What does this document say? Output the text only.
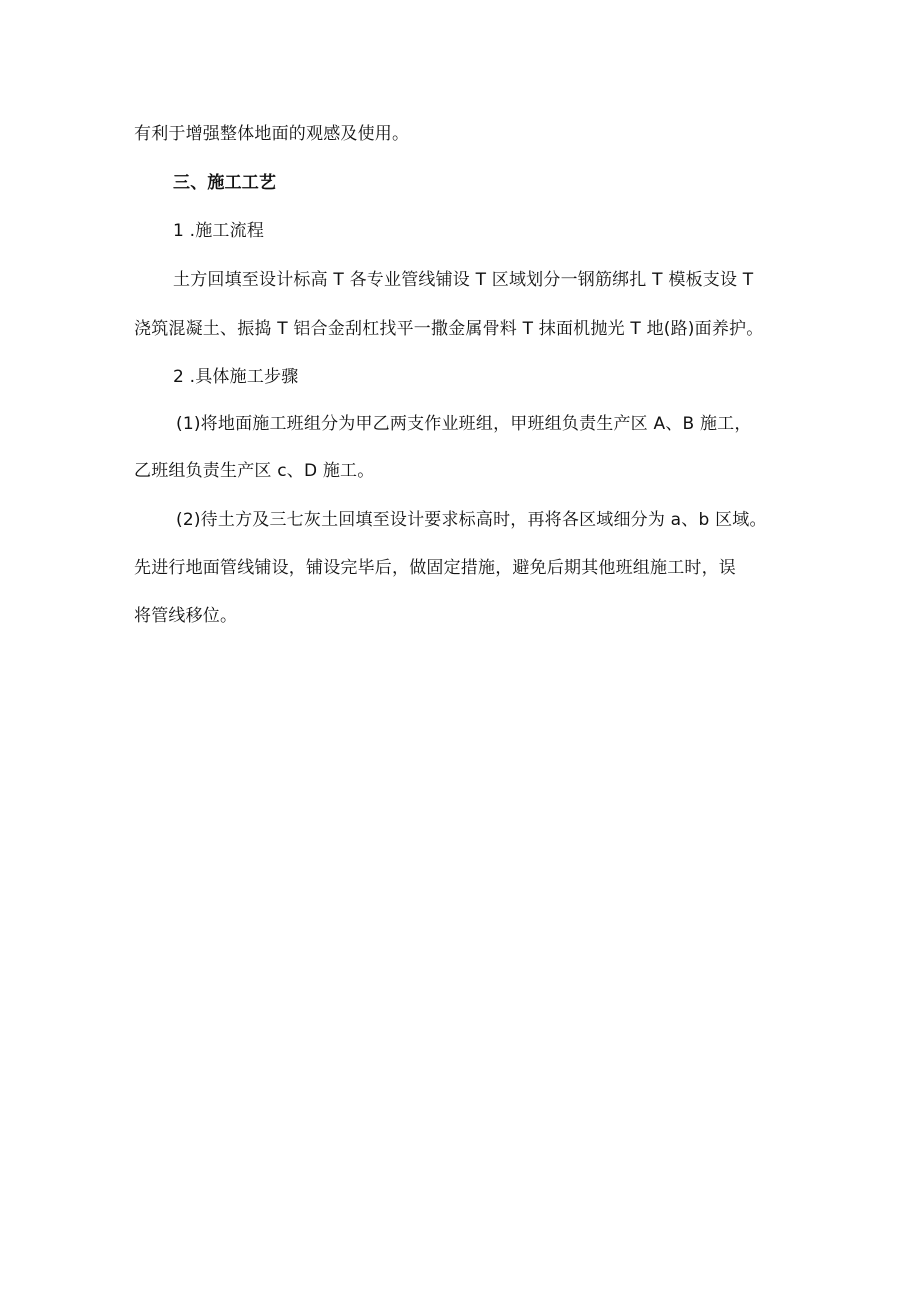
有利于增强整体地面的观感及使用。
三、施工工艺
1 .施工流程
土方回填至设计标高 T 各专业管线铺设 T 区域划分一钢筋绑扎 T 模板支设 T
浇筑混凝土、振捣 T 铝合金刮杠找平一撒金属骨料 T 抹面机抛光 T 地(路)面养护。
2 .具体施工步骤
(1)将地面施工班组分为甲乙两支作业班组，甲班组负责生产区 A、B 施工，
乙班组负责生产区 c、D 施工。
(2)待土方及三七灰土回填至设计要求标高时，再将各区域细分为 a、b 区域。
先进行地面管线铺设，铺设完毕后，做固定措施，避免后期其他班组施工时，误
将管线移位。
